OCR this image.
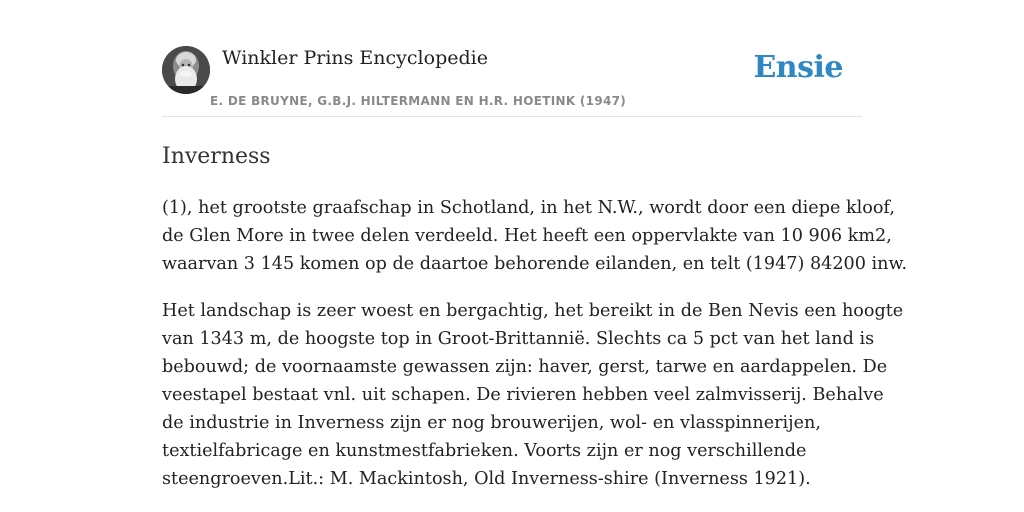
Winkler Prins Encyclopedie
E. DE BRUYNE, G.B.J. HILTERMANN EN H.R. HOETINK (1947)
Ensie
Inverness

(1), het grootste graafschap in Schotland, in het N.W., wordt door een diepe kloof,
de Glen More in twee delen verdeeld. Het heeft een oppervlakte van 10 906 km2,
waarvan 3 145 komen op de daartoe behorende eilanden, en telt (1947) 84200 inw.

Het landschap is zeer woest en bergachtig, het bereikt in de Ben Nevis een hoogte
van 1343 m, de hoogste top in Groot-Brittannië. Slechts ca 5 pct van het land is
bebouwd; de voornaamste gewassen zijn: haver, gerst, tarwe en aardappelen. De
veestapel bestaat vnl. uit schapen. De rivieren hebben veel zalmvisserij. Behalve
de industrie in Inverness zijn er nog brouwerijen, wol- en vlasspinnerijen,
textielfabricage en kunstmestfabrieken. Voorts zijn er nog verschillende
steengroeven.Lit.: M. Mackintosh, Old Inverness-shire (Inverness 1921).
